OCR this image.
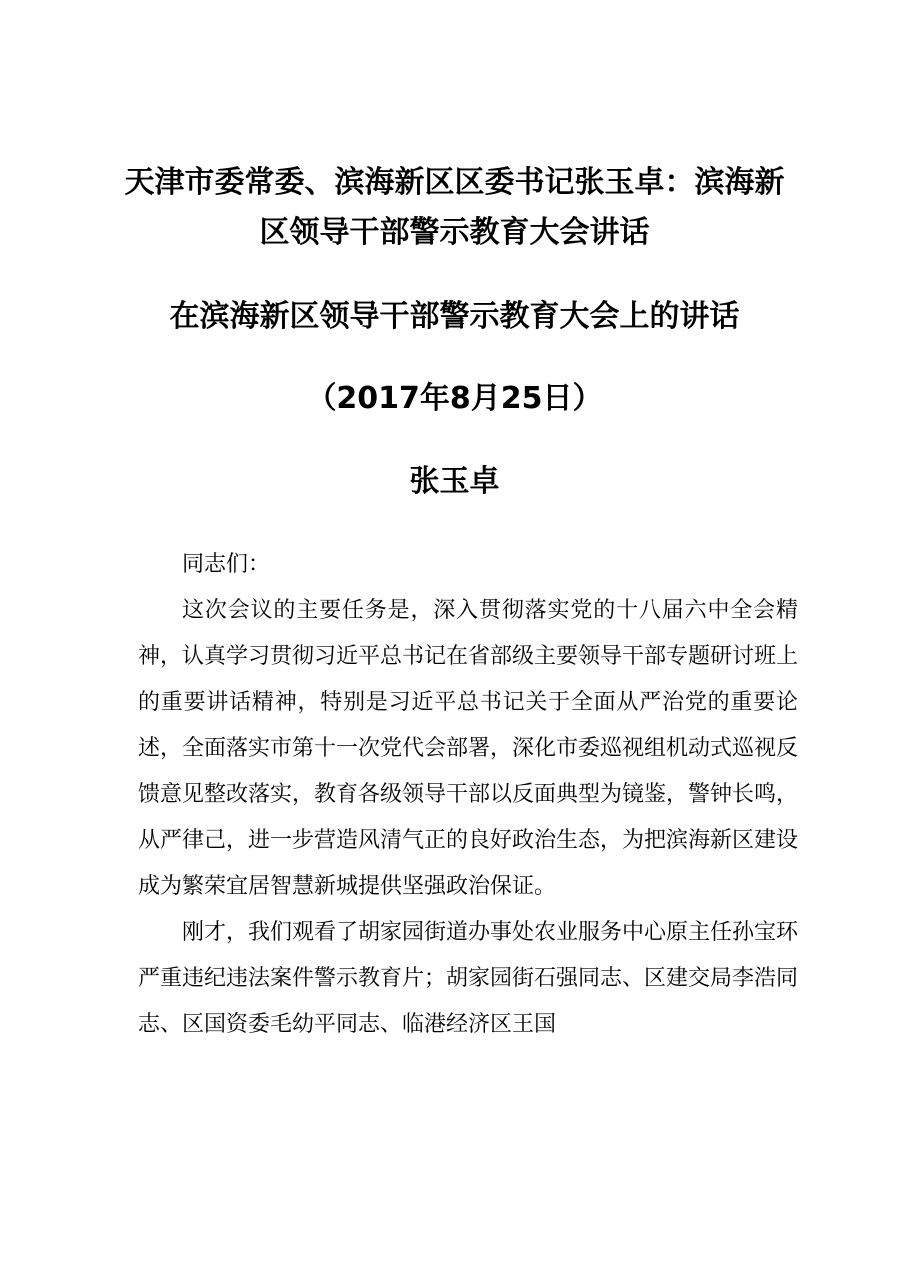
天津市委常委、滨海新区区委书记张玉卓：滨海新区领导干部警示教育大会讲话
在滨海新区领导干部警示教育大会上的讲话
（2017年8月25日）
张玉卓

同志们：

这次会议的主要任务是，深入贯彻落实党的十八届六中全会精神，认真学习贯彻习近平总书记在省部级主要领导干部专题研讨班上的重要讲话精神，特别是习近平总书记关于全面从严治党的重要论述，全面落实市第十一次党代会部署，深化市委巡视组机动式巡视反馈意见整改落实，教育各级领导干部以反面典型为镜鉴，警钟长鸣，从严律己，进一步营造风清气正的良好政治生态，为把滨海新区建设成为繁荣宜居智慧新城提供坚强政治保证。

刚才，我们观看了胡家园街道办事处农业服务中心原主任孙宝环严重违纪违法案件警示教育片；胡家园街石强同志、区建交局李浩同志、区国资委毛幼平同志、临港经济区王国
